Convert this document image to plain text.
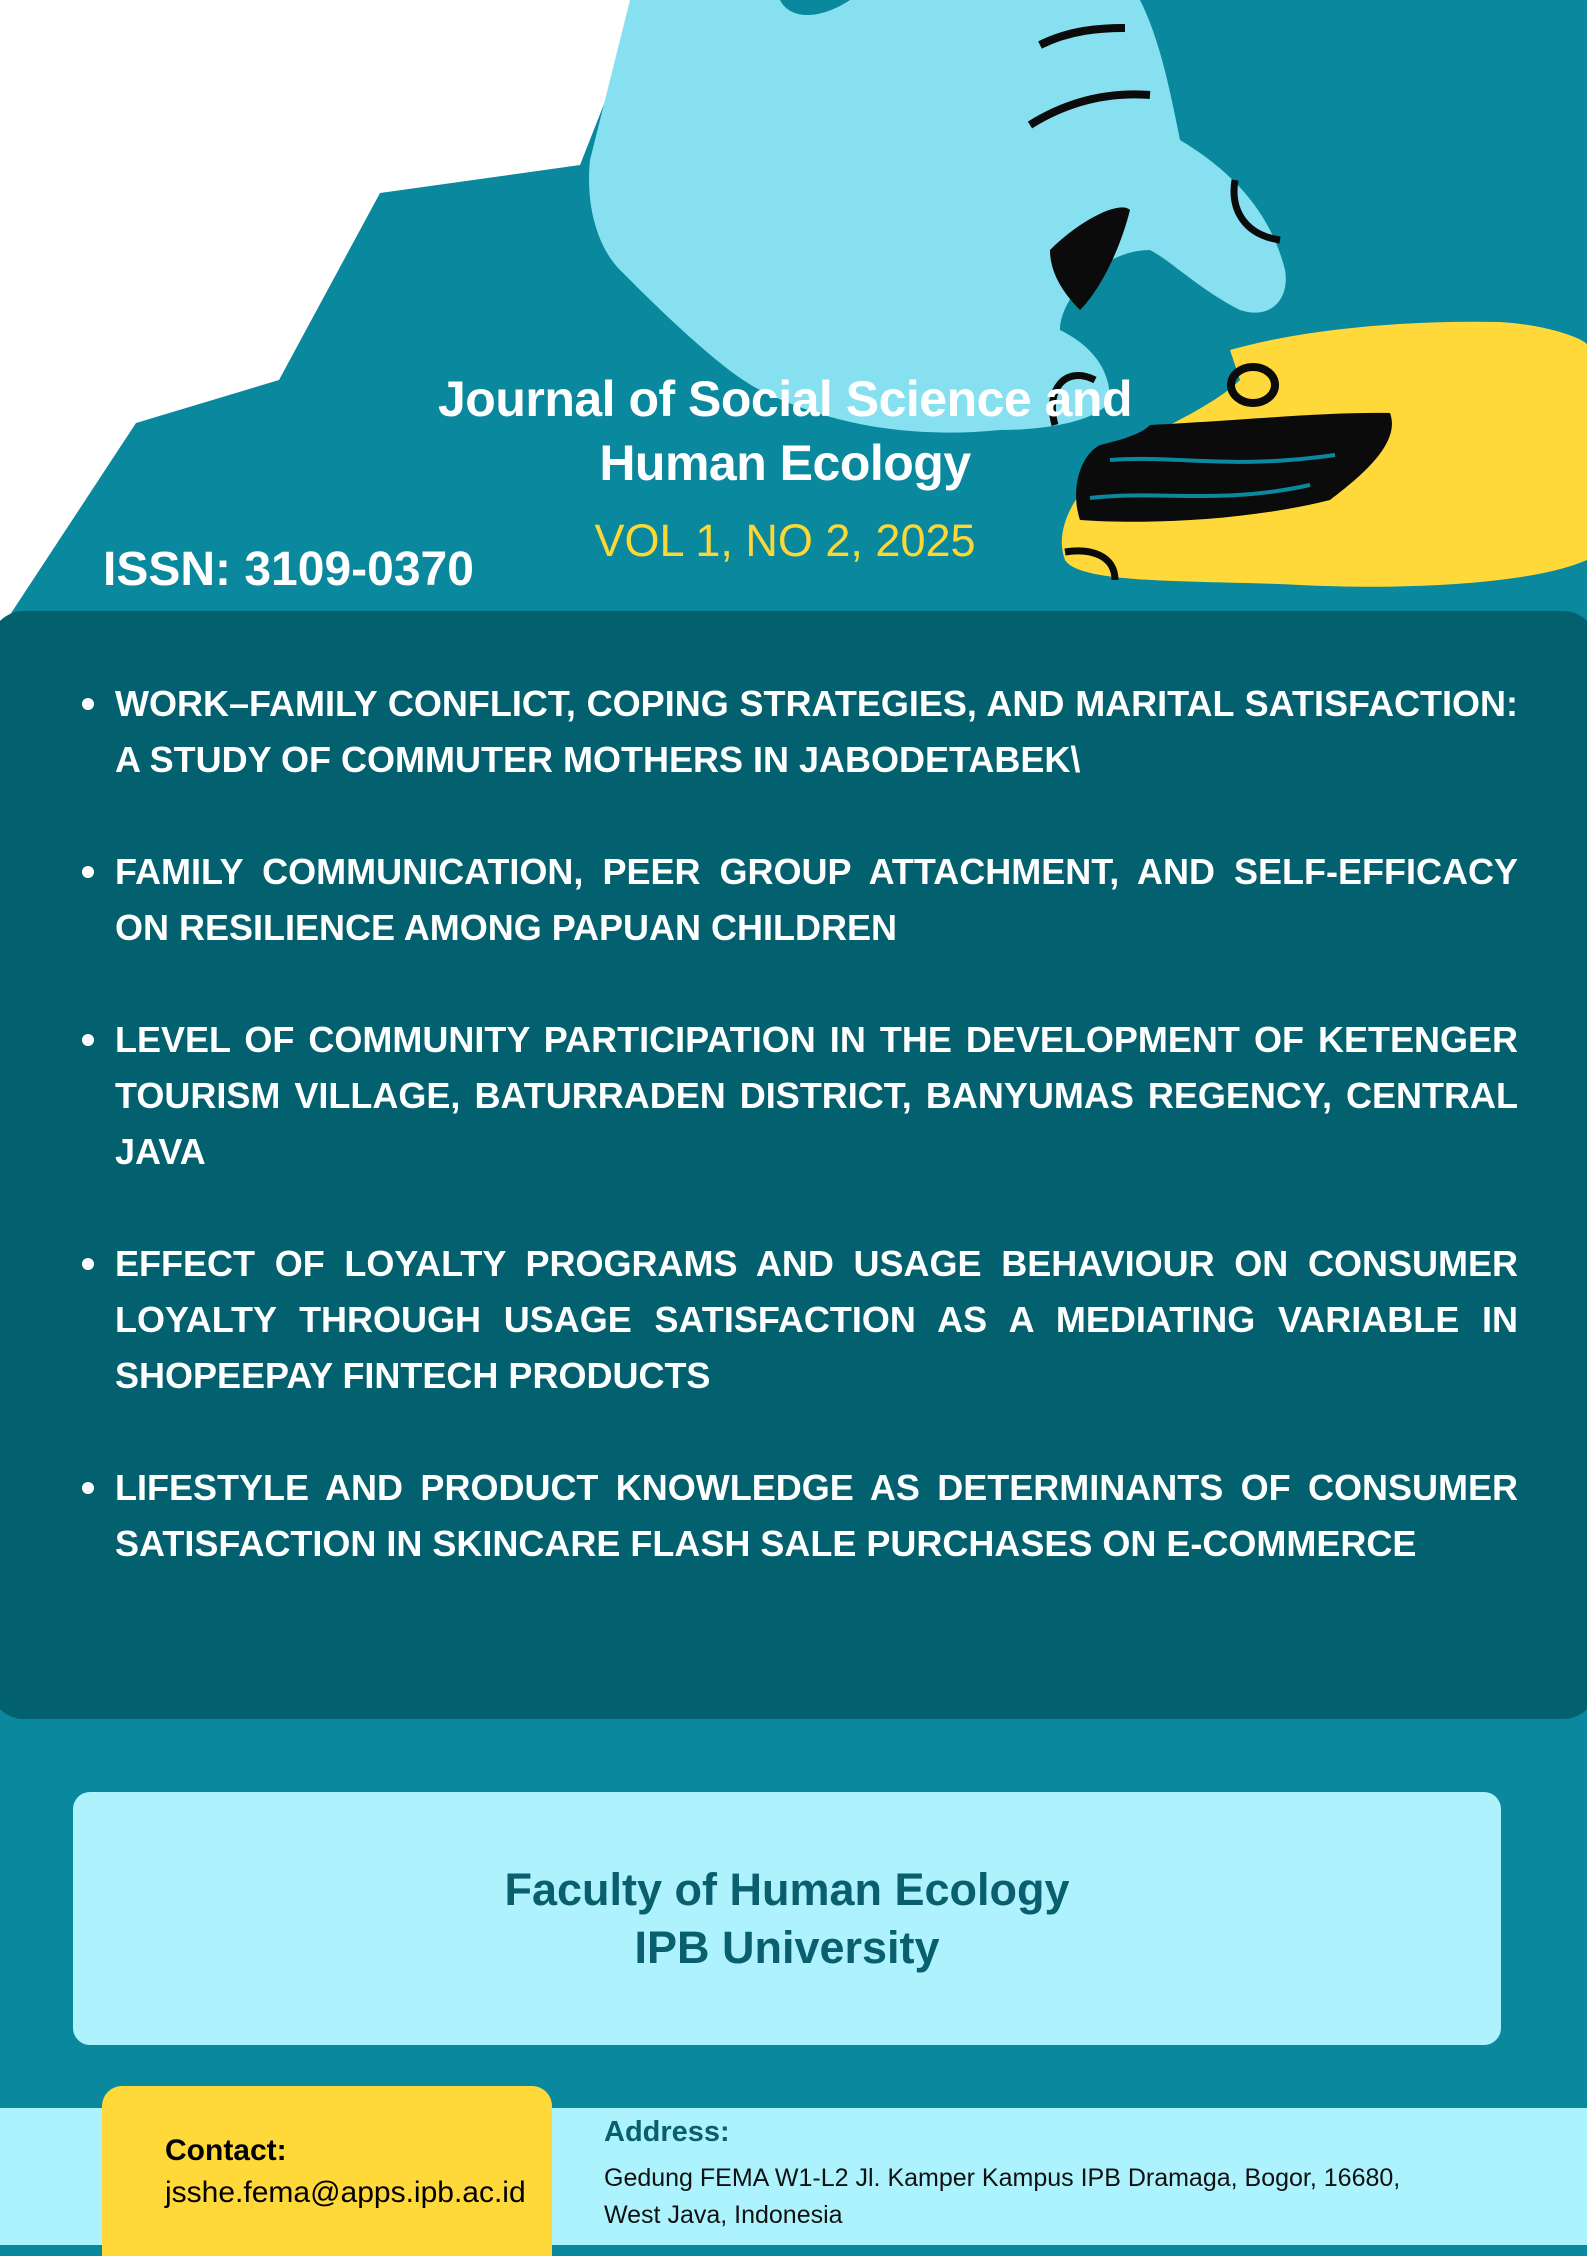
Journal of Social Science and
Human Ecology
VOL 1, NO 2, 2025
ISSN: 3109-0370
WORK–FAMILY CONFLICT, COPING STRATEGIES, AND MARITAL SATISFACTION: A STUDY OF COMMUTER MOTHERS IN JABODETABEK\
FAMILY COMMUNICATION, PEER GROUP ATTACHMENT, AND SELF-EFFICACY ON RESILIENCE AMONG PAPUAN CHILDREN
LEVEL OF COMMUNITY PARTICIPATION IN THE DEVELOPMENT OF KETENGER TOURISM VILLAGE, BATURRADEN DISTRICT, BANYUMAS REGENCY, CENTRAL JAVA
EFFECT OF LOYALTY PROGRAMS AND USAGE BEHAVIOUR ON CONSUMER LOYALTY THROUGH USAGE SATISFACTION AS A MEDIATING VARIABLE IN SHOPEEPAY FINTECH PRODUCTS
LIFESTYLE AND PRODUCT KNOWLEDGE AS DETERMINANTS OF CONSUMER SATISFACTION IN SKINCARE FLASH SALE PURCHASES ON E-COMMERCE
Faculty of Human Ecology
IPB University
Contact:
jsshe.fema@apps.ipb.ac.id
Address:
Gedung FEMA W1-L2 Jl. Kamper Kampus IPB Dramaga, Bogor, 16680,
West Java, Indonesia
